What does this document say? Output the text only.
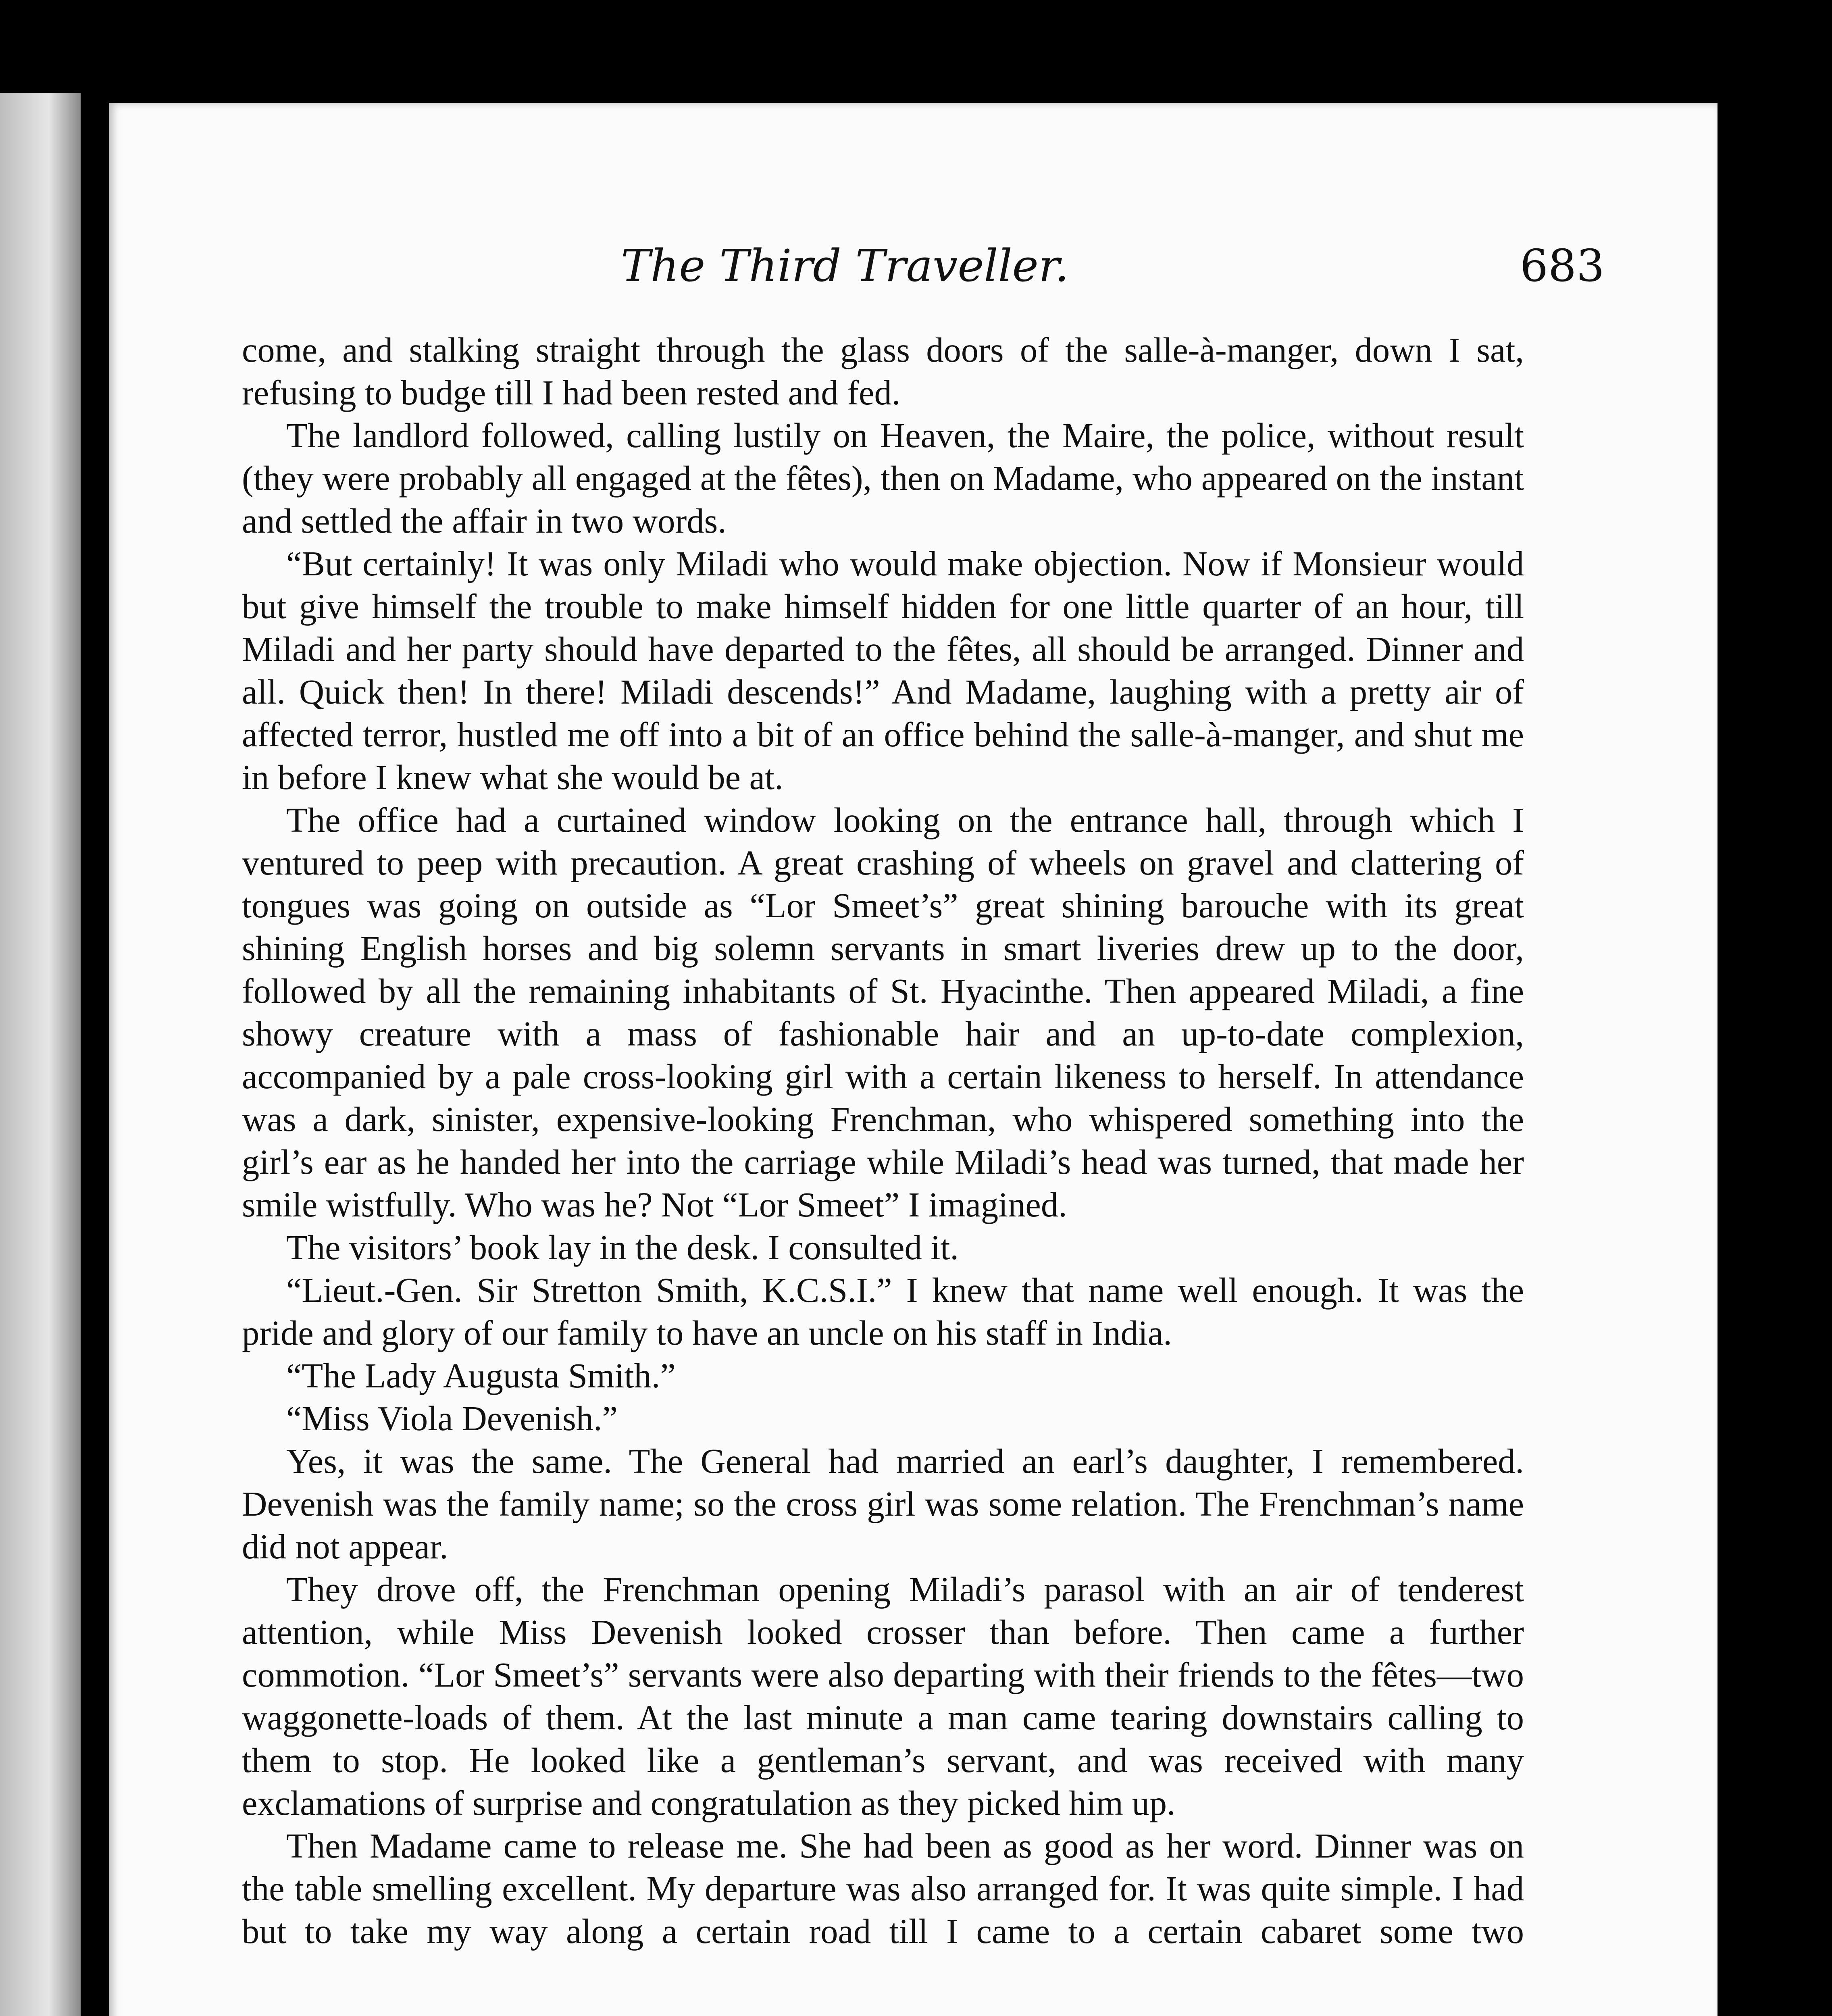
The Third Traveller.	683

come, and stalking straight through the glass doors of the salle-à-manger, down I sat, refusing to budge till I had been rested and fed.

The landlord followed, calling lustily on Heaven, the Maire, the police, without result (they were probably all engaged at the fêtes), then on Madame, who appeared on the instant and settled the affair in two words.

“But certainly! It was only Miladi who would make objection. Now if Monsieur would but give himself the trouble to make himself hidden for one little quarter of an hour, till Miladi and her party should have departed to the fêtes, all should be arranged. Dinner and all. Quick then! In there! Miladi descends!” And Madame, laughing with a pretty air of affected terror, hustled me off into a bit of an office behind the salle-à-manger, and shut me in before I knew what she would be at.

The office had a curtained window looking on the entrance hall, through which I ventured to peep with precaution. A great crashing of wheels on gravel and clattering of tongues was going on outside as “Lor Smeet’s” great shining barouche with its great shining English horses and big solemn servants in smart liveries drew up to the door, followed by all the remaining inhabitants of St. Hyacinthe. Then appeared Miladi, a fine showy creature with a mass of fashionable hair and an up-to-date complexion, accompanied by a pale cross-looking girl with a certain likeness to herself. In attendance was a dark, sinister, expensive-looking Frenchman, who whispered something into the girl’s ear as he handed her into the carriage while Miladi’s head was turned, that made her smile wistfully. Who was he? Not “Lor Smeet” I imagined.

The visitors’ book lay in the desk. I consulted it.

“Lieut.-Gen. Sir Stretton Smith, K.C.S.I.” I knew that name well enough. It was the pride and glory of our family to have an uncle on his staff in India.

“The Lady Augusta Smith.”

“Miss Viola Devenish.”

Yes, it was the same. The General had married an earl’s daughter, I remembered. Devenish was the family name; so the cross girl was some relation. The Frenchman’s name did not appear.

They drove off, the Frenchman opening Miladi’s parasol with an air of tenderest attention, while Miss Devenish looked crosser than before. Then came a further commotion. “Lor Smeet’s” servants were also departing with their friends to the fêtes—two waggonette-loads of them. At the last minute a man came tearing downstairs calling to them to stop. He looked like a gentleman’s servant, and was received with many exclamations of surprise and congratulation as they picked him up.

Then Madame came to release me. She had been as good as her word. Dinner was on the table smelling excellent. My departure was also arranged for. It was quite simple. I had but to take my way along a certain road till I came to a certain cabaret some two
